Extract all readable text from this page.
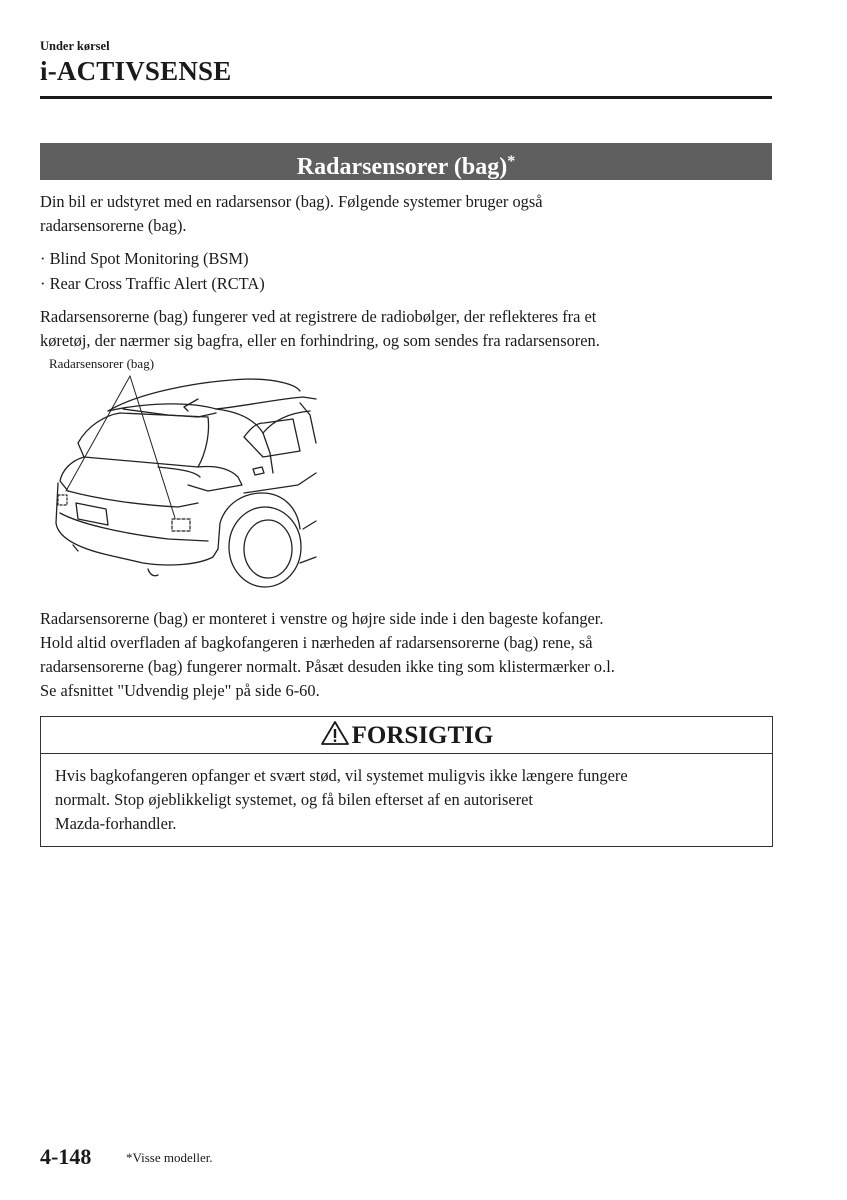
Under kørsel
i-ACTIVSENSE
Radarsensorer (bag)*

Din bil er udstyret med en radarsensor (bag). Følgende systemer bruger også

radarsensorerne (bag).

· Blind Spot Monitoring (BSM)
· Rear Cross Traffic Alert (RCTA)

Radarsensorerne (bag) fungerer ved at registrere de radiobølger, der reflekteres fra et

køretøj, der nærmer sig bagfra, eller en forhindring, og som sendes fra radarsensoren.

Radarsensorer (bag)

Radarsensorerne (bag) er monteret i venstre og højre side inde i den bageste kofanger.

Hold altid overfladen af bagkofangeren i nærheden af radarsensorerne (bag) rene, så

radarsensorerne (bag) fungerer normalt. Påsæt desuden ikke ting som klistermærker o.l.

Se afsnittet "Udvendig pleje" på side 6-60.

FORSIGTIG

Hvis bagkofangeren opfanger et svært stød, vil systemet muligvis ikke længere fungere

normalt. Stop øjeblikkeligt systemet, og få bilen efterset af en autoriseret

Mazda-forhandler.

4-148	*Visse modeller.
